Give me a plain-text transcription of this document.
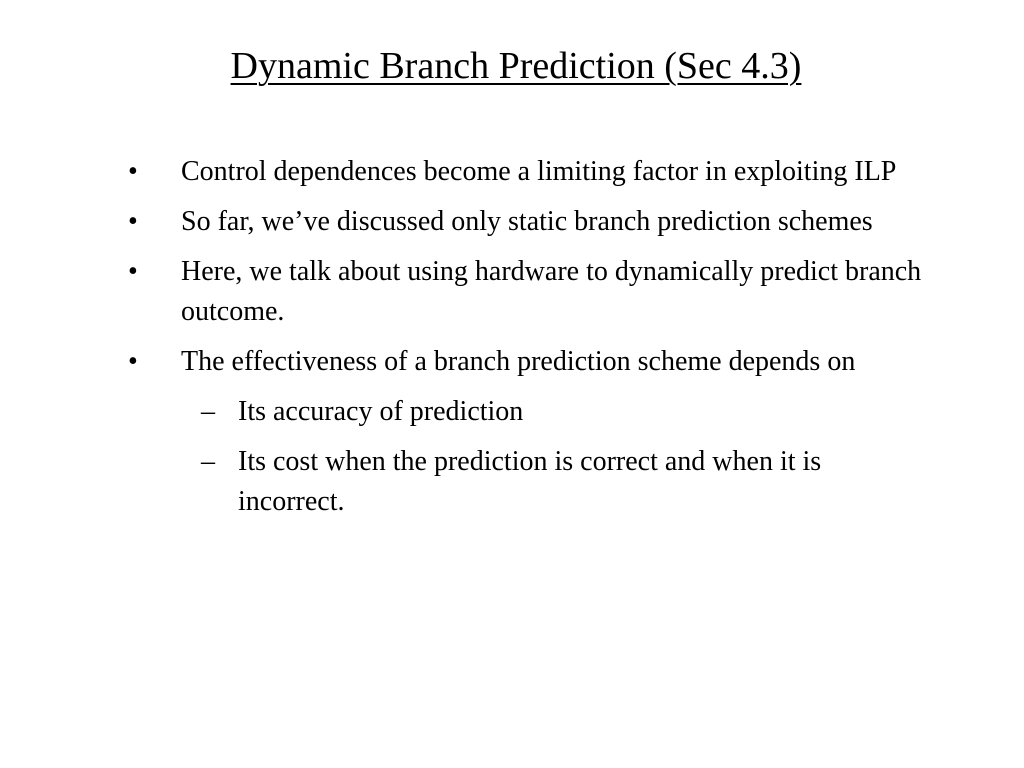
Dynamic Branch Prediction (Sec 4.3)
•	Control dependences become a limiting factor in exploiting ILP
•	So far, we’ve discussed only static branch prediction schemes
•	Here, we talk about using hardware to dynamically predict branch outcome.
•	The effectiveness of a branch prediction scheme depends on
– Its accuracy of prediction
– Its cost when the prediction is correct and when it is incorrect.
